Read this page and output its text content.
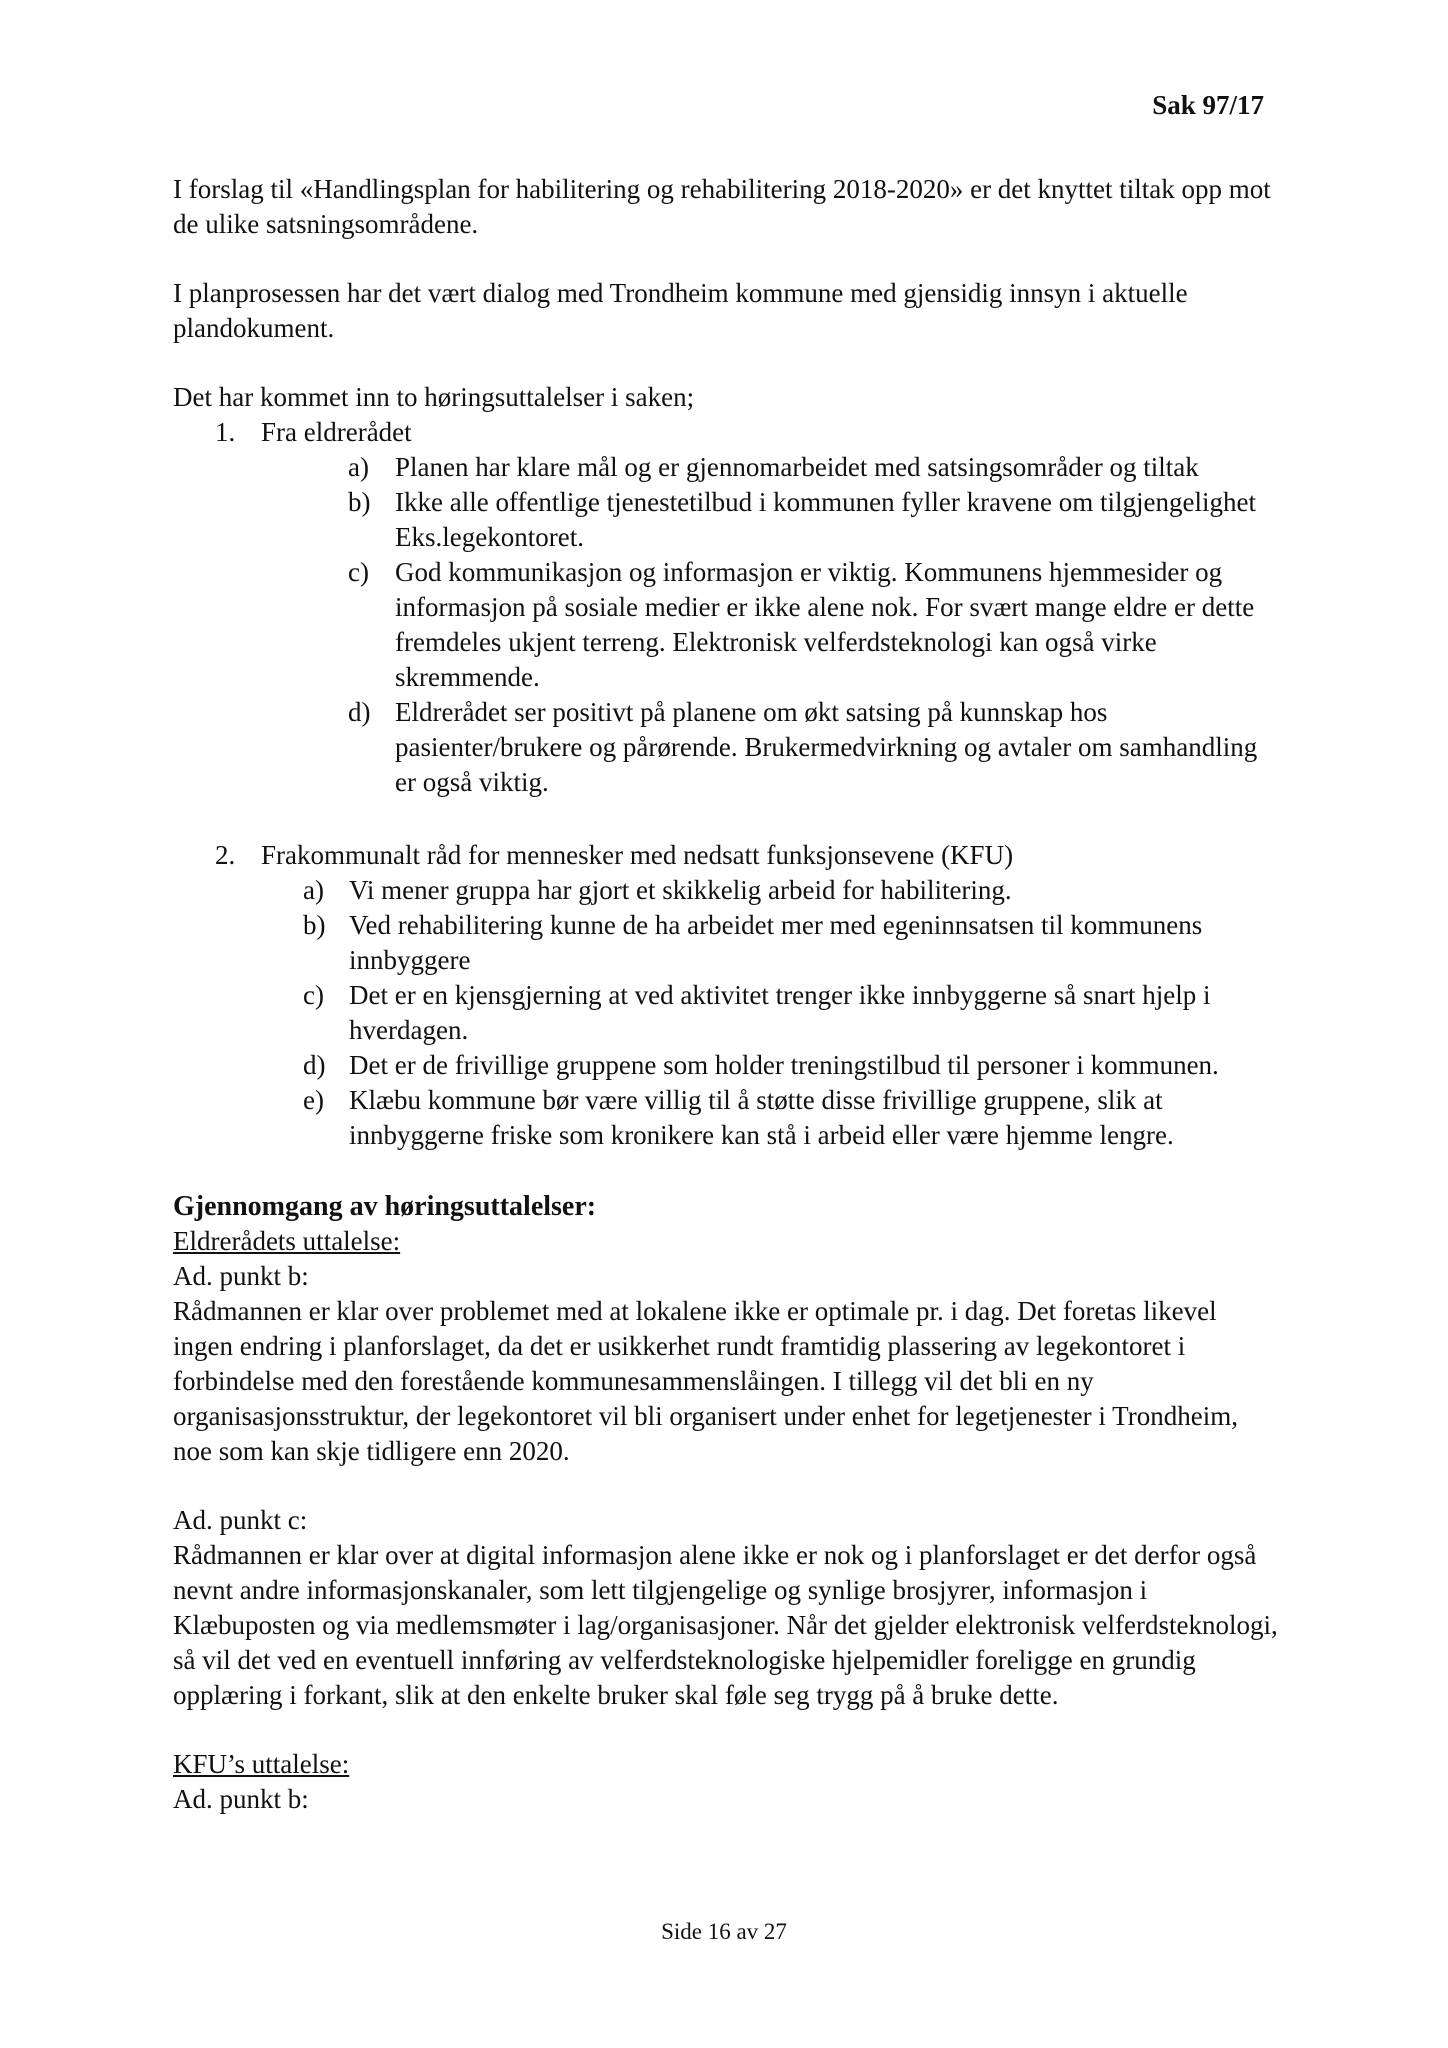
Sak 97/17

I forslag til «Handlingsplan for habilitering og rehabilitering 2018-2020» er det knyttet tiltak opp mot de ulike satsningsområdene.

I planprosessen har det vært dialog med Trondheim kommune med gjensidig innsyn i aktuelle plandokument.

Det har kommet inn to høringsuttalelser i saken;

1. Fra eldrerådet
a) Planen har klare mål og er gjennomarbeidet med satsingsområder og tiltak
b) Ikke alle offentlige tjenestetilbud i kommunen fyller kravene om tilgjengelighet Eks.legekontoret.
c) God kommunikasjon og informasjon er viktig. Kommunens hjemmesider og informasjon på sosiale medier er ikke alene nok. For svært mange eldre er dette fremdeles ukjent terreng. Elektronisk velferdsteknologi kan også virke skremmende.
d) Eldrerådet ser positivt på planene om økt satsing på kunnskap hos pasienter/brukere og pårørende. Brukermedvirkning og avtaler om samhandling er også viktig.
2. Frakommunalt råd for mennesker med nedsatt funksjonsevene (KFU)
a) Vi mener gruppa har gjort et skikkelig arbeid for habilitering.
b) Ved rehabilitering kunne de ha arbeidet mer med egeninnsatsen til kommunens innbyggere
c) Det er en kjensgjerning at ved aktivitet trenger ikke innbyggerne så snart hjelp i hverdagen.
d) Det er de frivillige gruppene som holder treningstilbud til personer i kommunen.
e) Klæbu kommune bør være villig til å støtte disse frivillige gruppene, slik at innbyggerne friske som kronikere kan stå i arbeid eller være hjemme lengre.

Gjennomgang av høringsuttalelser:

Eldrerådets uttalelse:

Ad. punkt b:

Rådmannen er klar over problemet med at lokalene ikke er optimale pr. i dag. Det foretas likevel ingen endring i planforslaget, da det er usikkerhet rundt framtidig plassering av legekontoret i forbindelse med den forestående kommunesammenslåingen. I tillegg vil det bli en ny organisasjonsstruktur, der legekontoret vil bli organisert under enhet for legetjenester i Trondheim, noe som kan skje tidligere enn 2020.

Ad. punkt c:

Rådmannen er klar over at digital informasjon alene ikke er nok og i planforslaget er det derfor også nevnt andre informasjonskanaler, som lett tilgjengelige og synlige brosjyrer, informasjon i Klæbuposten og via medlemsmøter i lag/organisasjoner. Når det gjelder elektronisk velferdsteknologi, så vil det ved en eventuell innføring av velferdsteknologiske hjelpemidler foreligge en grundig opplæring i forkant, slik at den enkelte bruker skal føle seg trygg på å bruke dette.

KFU’s uttalelse:

Ad. punkt b:

Side 16 av 27
